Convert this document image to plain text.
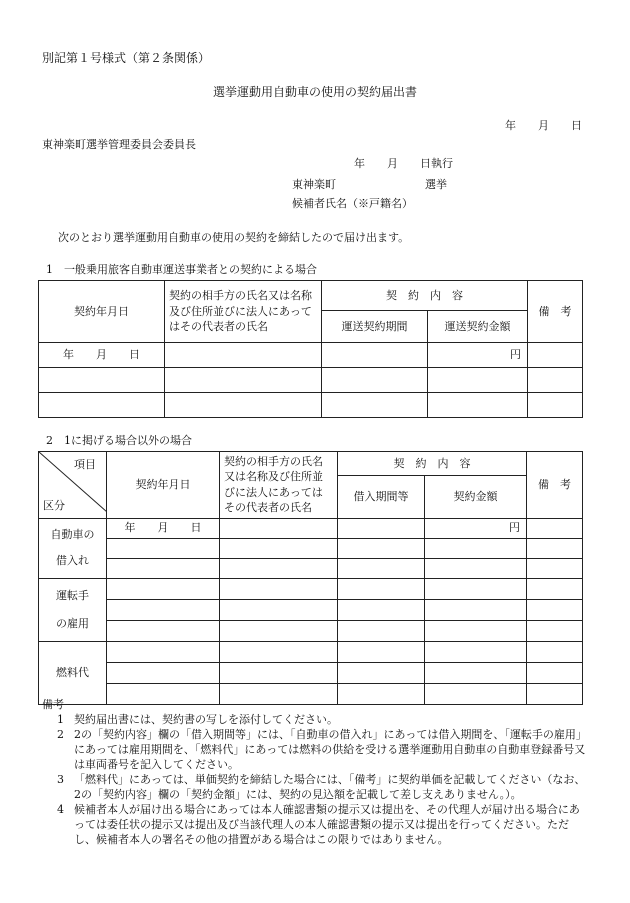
別記第１号様式（第２条関係）
選挙運動用自動車の使用の契約届出書
年　　月　　日
東神楽町選挙管理委員会委員長
年　　月　　日執行
東神楽町	選挙
候補者氏名（※戸籍名）
次のとおり選挙運動用自動車の使用の契約を締結したので届け出ます。
1　一般乗用旅客自動車運送事業者との契約による場合
契約年月日	契約の相手方の氏名又は名称及び住所並びに法人にあってはその代表者の氏名	契　約　内　容		備　考
		運送契約期間	運送契約金額	
年　　月　　日			円	

2　1に掲げる場合以外の場合
項目
区分	契約年月日	契約の相手方の氏名又は名称及び住所並びに法人にあってはその代表者の氏名	契　約　内　容		備　考
			借入期間等	契約金額	
自動車の
借入れ	年　　月　　日			円	

運転手
の雇用					

燃料代					

備考
1 契約届出書には、契約書の写しを添付してください。
2 2の「契約内容」欄の「借入期間等」には、「自動車の借入れ」にあっては借入期間を、「運転手の雇用」にあっては雇用期間を、「燃料代」にあっては燃料の供給を受ける選挙運動用自動車の自動車登録番号又は車両番号を記入してください。
3 「燃料代」にあっては、単価契約を締結した場合には、「備考」に契約単価を記載してください（なお、2の「契約内容」欄の「契約金額」には、契約の見込額を記載して差し支えありません。）。
4 候補者本人が届け出る場合にあっては本人確認書類の提示又は提出を、その代理人が届け出る場合にあっては委任状の提示又は提出及び当該代理人の本人確認書類の提示又は提出を行ってください。ただし、候補者本人の署名その他の措置がある場合はこの限りではありません。
